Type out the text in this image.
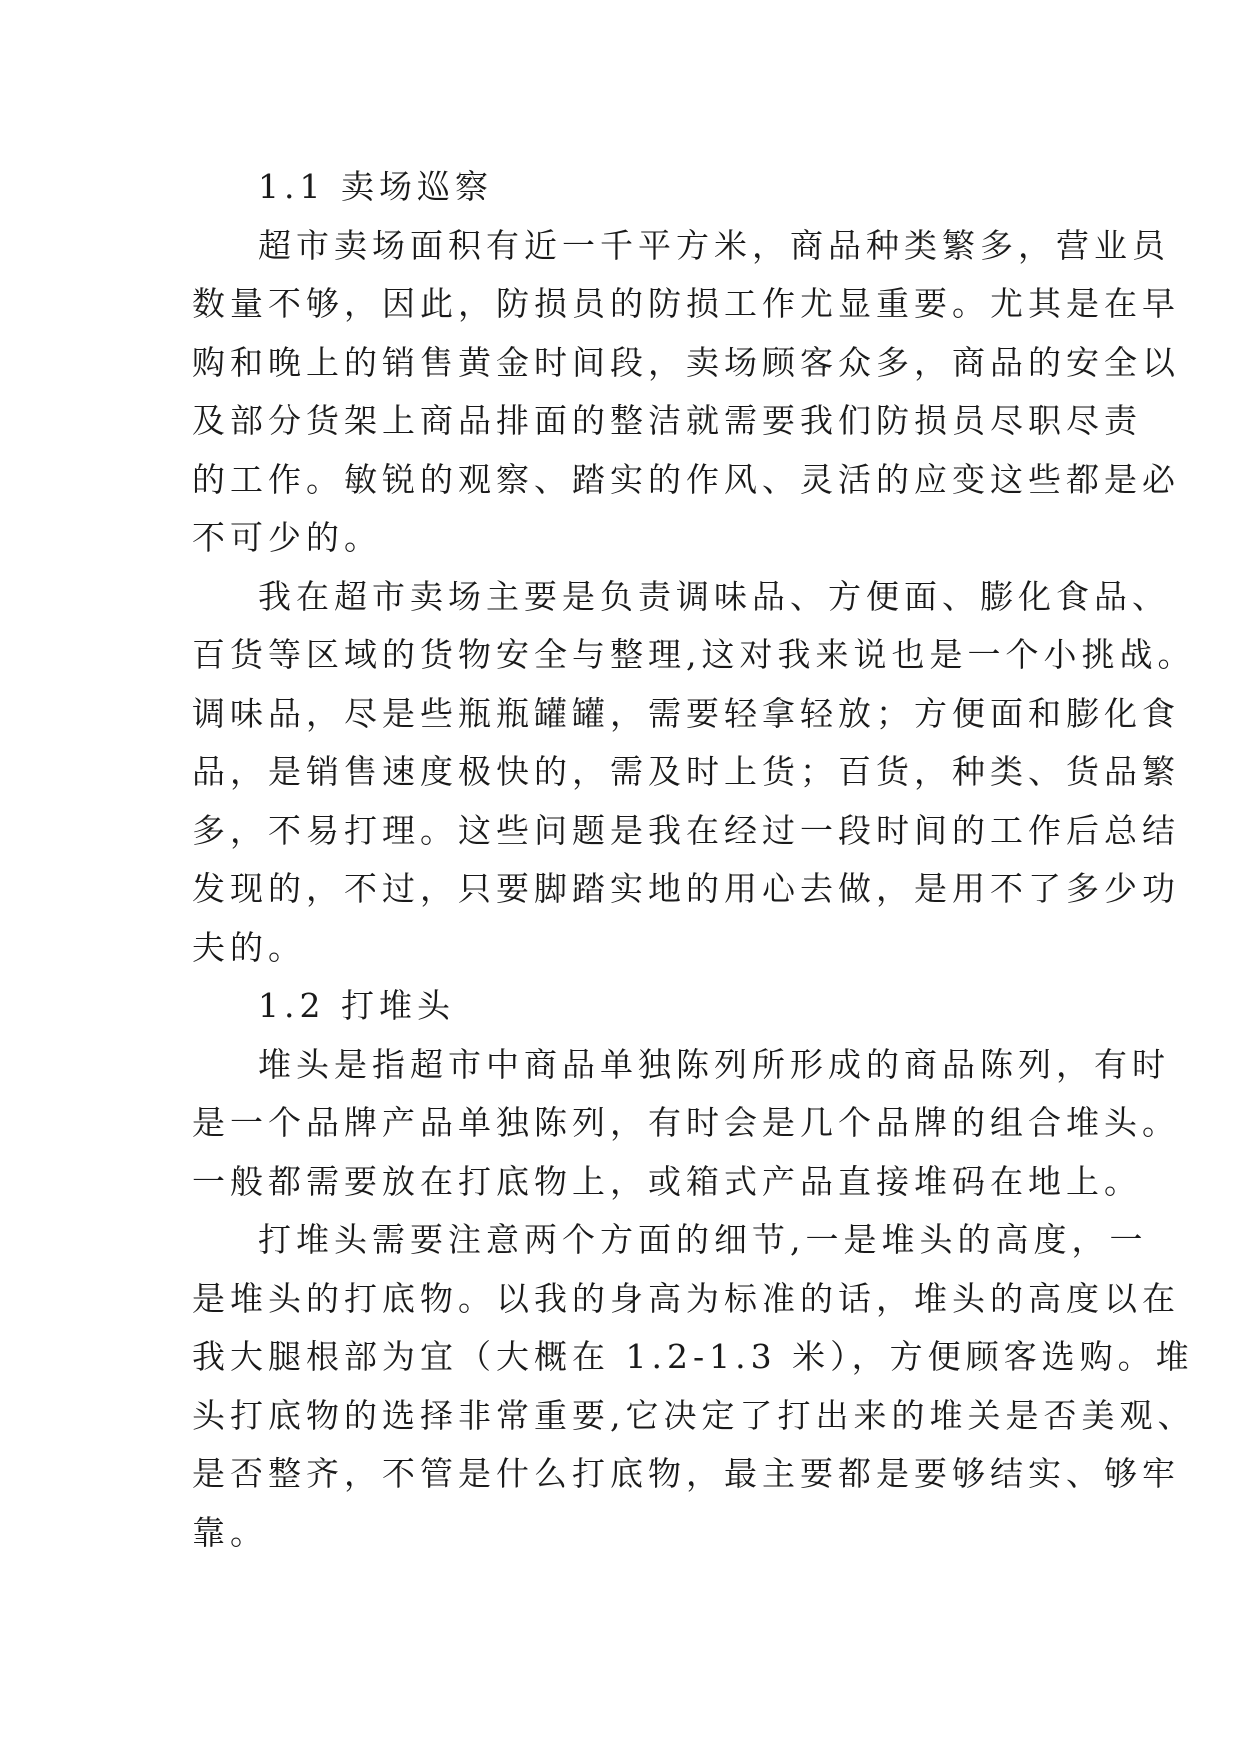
1.1 卖场巡察
超市卖场面积有近一千平方米，商品种类繁多，营业员
数量不够，因此，防损员的防损工作尤显重要。尤其是在早
购和晚上的销售黄金时间段，卖场顾客众多，商品的安全以
及部分货架上商品排面的整洁就需要我们防损员尽职尽责
的工作。敏锐的观察、踏实的作风、灵活的应变这些都是必
不可少的。
我在超市卖场主要是负责调味品、方便面、膨化食品、
百货等区域的货物安全与整理,这对我来说也是一个小挑战。
调味品，尽是些瓶瓶罐罐，需要轻拿轻放；方便面和膨化食
品，是销售速度极快的，需及时上货；百货，种类、货品繁
多，不易打理。这些问题是我在经过一段时间的工作后总结
发现的，不过，只要脚踏实地的用心去做，是用不了多少功
夫的。
1.2 打堆头
堆头是指超市中商品单独陈列所形成的商品陈列，有时
是一个品牌产品单独陈列，有时会是几个品牌的组合堆头。
一般都需要放在打底物上，或箱式产品直接堆码在地上。
打堆头需要注意两个方面的细节,一是堆头的高度，一
是堆头的打底物。以我的身高为标准的话，堆头的高度以在
我大腿根部为宜（大概在 1.2-1.3 米），方便顾客选购。堆
头打底物的选择非常重要,它决定了打出来的堆关是否美观、
是否整齐，不管是什么打底物，最主要都是要够结实、够牢
靠。
